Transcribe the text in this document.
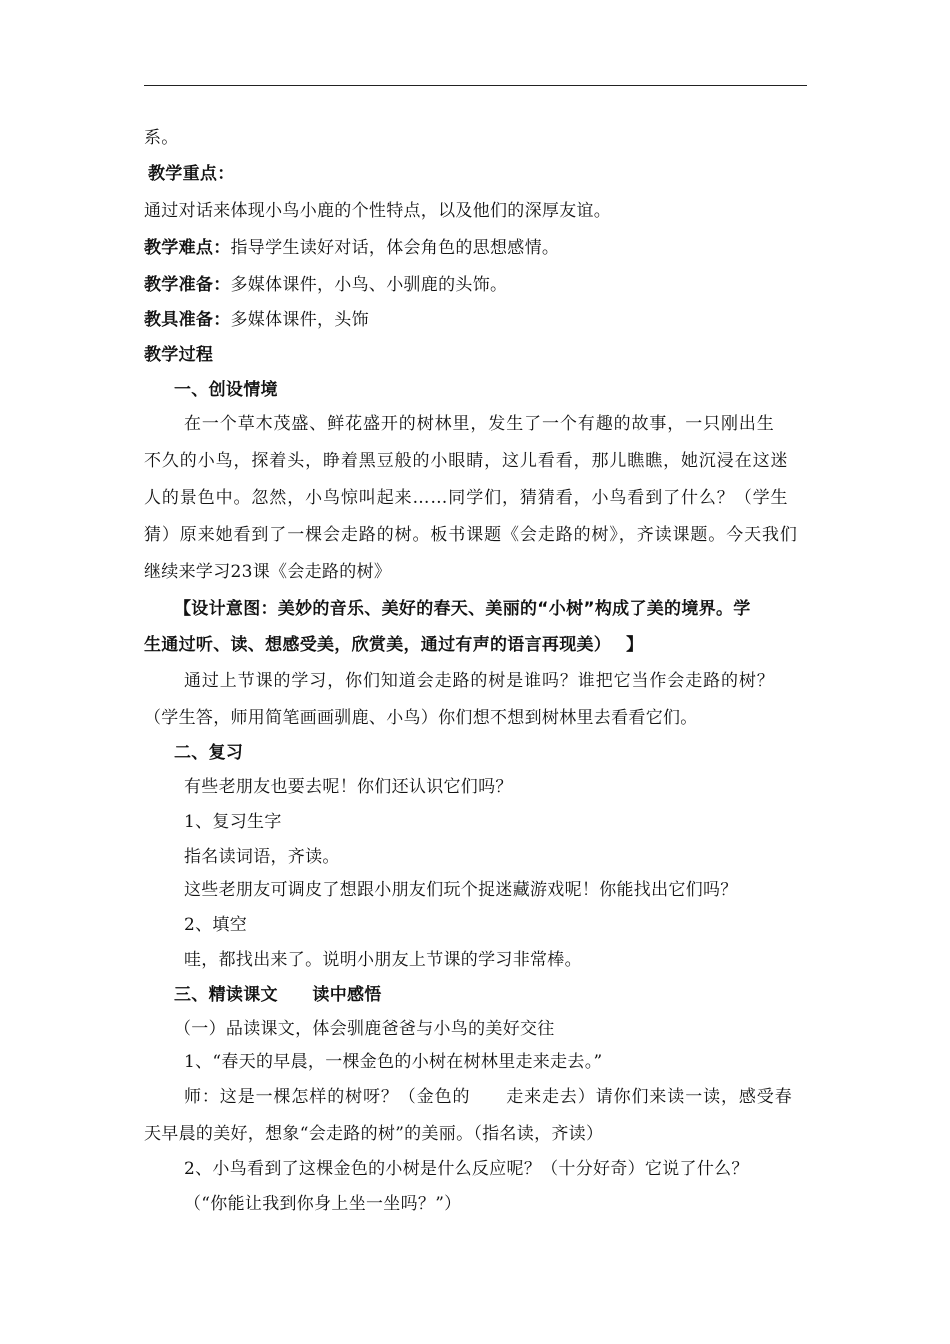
系。
教学重点：
通过对话来体现小鸟小鹿的个性特点，以及他们的深厚友谊。
教学难点：指导学生读好对话，体会角色的思想感情。
教学准备：多媒体课件，小鸟、小驯鹿的头饰。
教具准备：多媒体课件，头饰
教学过程
一、创设情境
在一个草木茂盛、鲜花盛开的树林里，发生了一个有趣的故事，一只刚出生
不久的小鸟，探着头，睁着黑豆般的小眼睛，这儿看看，那儿瞧瞧，她沉浸在这迷
人的景色中。忽然，小鸟惊叫起来……同学们，猜猜看，小鸟看到了什么？（学生
猜）原来她看到了一棵会走路的树。板书课题《会走路的树》，齐读课题。今天我们
继续来学习23课《会走路的树》
【设计意图：美妙的音乐、美好的春天、美丽的“小树”构成了美的境界。学
生通过听、读、想感受美，欣赏美，通过有声的语言再现美）　 】
通过上节课的学习，你们知道会走路的树是谁吗？谁把它当作会走路的树？
（学生答，师用简笔画画驯鹿、小鸟）你们想不想到树林里去看看它们。
二、复习
有些老朋友也要去呢！你们还认识它们吗？
1、复习生字
指名读词语，齐读。
这些老朋友可调皮了想跟小朋友们玩个捉迷藏游戏呢！你能找出它们吗？
2、填空
哇，都找出来了。说明小朋友上节课的学习非常棒。
三、精读课文　　读中感悟
（一）品读课文，体会驯鹿爸爸与小鸟的美好交往
1、“春天的早晨，一棵金色的小树在树林里走来走去。”
师：这是一棵怎样的树呀？（金色的　　走来走去）请你们来读一读，感受春
天早晨的美好，想象“会走路的树”的美丽。（指名读，齐读）
2、小鸟看到了这棵金色的小树是什么反应呢？（十分好奇）它说了什么？
（“你能让我到你身上坐一坐吗？”）
